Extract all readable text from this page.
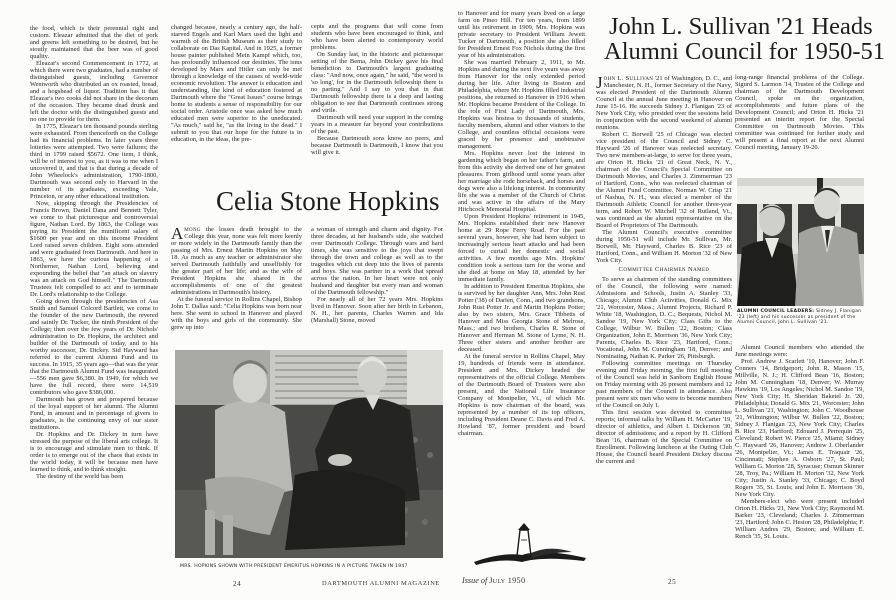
the food, which is their perennial right and custom. Eleazar admitted that the diet of pork and greens left something to be desired, but he stoutly maintained that the beer was of good quality.

Eleazar's second Commencement in 1772, at which there were two graduates, had a number of distinguished guests, including Governor Wentworth who distributed an ox roasted, bread, and a hogshead of liquor. Tradition has it that Eleazar's two cooks did not share in the decorum of the occasion. They became dead drunk and left the doctor with the distinguished guests and no one to provide for them.

In 1775, Eleazar's ten thousand pounds sterling were exhausted. From thenceforth on the College had its financial problems. In later years three lotteries were attempted. Two were failures; the third in 1799 raised $5672. One item, I think, will be of interest to you, as it was to me when I uncovered it, and that is that during a decade of John Wheelock's administration, 1790-1800, Dartmouth was second only to Harvard in the number of its graduates, exceeding Yale, Princeton, or any other educational institution.

Now, skipping through the Presidencies of Francis Brown, Daniel Dana and Bennett Tyler, we come to that picturesque and controversial figure, Nathan Lord. By 1863, the College was paying its President the munificent salary of $1600 per year and on this income President Lord raised seven children. Eight sons attended and were graduated from Dartmouth. And here in 1863, we have the curious happening of a Northerner, Nathan Lord, believing and expounding the belief that "an attack on slavery was an attack on God himself." The Dartmouth Trustees felt compelled to act and to terminate Dr. Lord's relationship to the College.

Going down through the presidencies of Asa Smith and Samuel Colcord Bartlett, we come to the founder of the new Dartmouth, the revered and saintly Dr. Tucker, the ninth President of the College; then over the few years of Dr. Nichols' administration to Dr. Hopkins, the architect and builder of the Dartmouth of today, and to his worthy successor, Dr. Dickey. Sid Hayward has referred to the current Alumni Fund and its success. In 1915, 35 years ago—that was the year that the Dartmouth Alumni Fund was inaugurated—556 men gave $6,380. In 1949, for which we have the full record, there were 14,519 contributors who gave $386,000.

Dartmouth has grown and prospered because of the loyal support of her alumni. The Alumni Fund, in amount and in percentage of givers to graduates, is the continuing envy of our sister institutions.

Dr. Hopkins and Dr. Dickey in turn have stressed the purpose of the liberal arts college. It is to encourage and stimulate men to think. If order is to emerge out of the chaos that exists in the world today, it will be because men have learned to think, and to think straight.

The destiny of the world has been

changed because, nearly a century ago, the half-starved Engels and Karl Marx used the light and warmth of the British Museum as their study to collaborate on Das Kapital. And in 1925, a former house painter published Mein Kampf which, too, has profoundly influenced our destinies. The isms developed by Marx and Hitler can only be met through a knowledge of the causes of world-wide economic revolution. The answer is education and understanding, the kind of education fostered at Dartmouth where the "Great Issues" course brings home to students a sense of responsibility for our social order. Aristotle once was asked how much educated men were superior to the uneducated. "As much," said he, "as the living to the dead." I submit to you that our hope for the future is in education, in the ideas, the pre-

cepts and the programs that will come from students who have been encouraged to think, and who have been alerted to contemporary world problems.

On Sunday last, in the historic and picturesque setting of the Bema, John Dickey gave his final benediction to Dartmouth's largest graduating class: "And now, once again," he said, "the word is 'so long', for in the Dartmouth fellowship there is no parting." And I say to you that in that Dartmouth fellowship there is a deep and lasting obligation to see that Dartmouth continues strong and virile.

Dartmouth will need your support in the coming years in a measure far beyond your contributions of the past.

Because Dartmouth sons know no peers, and because Dartmouth is Dartmouth, I know that you will give it.

Celia Stone Hopkins

Among the losses death brought to the College this year, none was felt more keenly or more widely in the Dartmouth family than the passing of Mrs. Ernest Martin Hopkins on May 18. As much as any teacher or administrator she served Dartmouth faithfully and unselfishly for the greater part of her life; and as the wife of President Hopkins she shared in the accomplishments of one of the greatest administrations in Dartmouth's history.

At the funeral service in Rollins Chapel, Bishop John T. Dallas said: "Celia Hopkins was born near here. She went to school in Hanover and played with the boys and girls of the community. She grew up into

a woman of strength and charm and dignity. For three decades, at her husband's side, she watched over Dartmouth College. Through wars and hard times, she was sensitive to the joys that swept through the town and college as well as to the tragedies which cut deep into the lives of parents and boys. She was partner in a work that spread across the nation. In her heart were not only husband and daughter but every man and woman of the Dartmouth fellowship."

For nearly all of her 72 years Mrs. Hopkins lived in Hanover. Soon after her birth in Lebanon, N. H., her parents, Charles Warren and Ida (Marshall) Stone, moved

MRS. HOPKINS SHOWN WITH PRESIDENT EMERITUS HOPKINS IN A PICTURE TAKEN IN 1947

to Hanover and for many years lived on a large farm on Pineo Hill. For ten years, from 1899 until his retirement in 1909, Mrs. Hopkins was private secretary to President William Jewett Tucker of Dartmouth, a position she also filled for President Ernest Fox Nichols during the first year of his administration.

She was married February 2, 1911, to Mr. Hopkins and during the next five years was away from Hanover for the only extended period during her life. After living in Boston and Philadelphia, where Mr. Hopkins filled industrial positions, she returned to Hanover in 1916 when Mr. Hopkins became President of the College. In the role of First Lady of Dartmouth, Mrs. Hopkins was hostess to thousands of students, faculty members, alumni and other visitors to the College, and countless official occasions were graced by her presence and unobtrusive management.

Mrs. Hopkins never lost the interest in gardening which began on her father's farm, and from this activity she derived one of her greatest pleasures. From girlhood until some years after her marriage she rode horseback, and horses and dogs were also a lifelong interest. In community life she was a member of the Church of Christ and was active in the affairs of the Mary Hitchcock Memorial Hospital.

Upon President Hopkins' retirement in 1945, Mrs. Hopkins established their new Hanover home at 29 Rope Ferry Road. For the past several years, however, she had been subject to increasingly serious heart attacks and had been forced to curtail her domestic and social activities. A few months ago Mrs. Hopkins' condition took a serious turn for the worse and she died at home on May 18, attended by her immediate family.

In addition to President Emeritus Hopkins, she is survived by her daughter Ann, Mrs. John Rust Potter ('38) of Darien, Conn., and two grandsons, John Rust Potter Jr. and Martin Hopkins Potter; also by two sisters, Mrs. Grace Tibbetts of Hanover and Miss Georgia Stone of Melrose, Mass.; and two brothers, Charles R. Stone of Hanover and Herman M. Stone of Lyme, N. H. Three other sisters and another brother are deceased.

At the funeral service in Rollins Chapel, May 19, hundreds of friends were in attendance. President and Mrs. Dickey headed the representatives of the official College. Members of the Dartmouth Board of Trustees were also present, and the National Life Insurance Company of Montpelier, Vt., of which Mr. Hopkins is now chairman of the board, was represented by a number of its top officers, including President Deane C. Davis and Fred A. Howland '87, former president and board chairman.

Issue of July 1950
24	DARTMOUTH ALUMNI MAGAZINE
John L. Sullivan '21 Heads
Alumni Council for 1950-51

John L. Sullivan '21 of Washington, D. C., and Manchester, N. H., former Secretary of the Navy, was elected President of the Dartmouth Alumni Council at the annual June meeting in Hanover on June 15-16. He succeeds Sidney J. Flanigan '23 of New York City, who presided over the sessions held in conjunction with the second weekend of alumni reunions.

Robert C. Borwell '25 of Chicago was elected vice president of the Council and Sidney C. Hayward '26 of Hanover was reelected secretary. Two new members-at-large, to serve for three years, are Orton H. Hicks '21 of Great Neck, N. Y., chairman of the Council's Special Committee on Dartmouth Movies, and Charles J. Zimmerman '23 of Hartford, Conn., who was reelected chairman of the Alumni Fund Committee. Norman W. Crisp '21 of Nashua, N. H., was elected a member of the Dartmouth Athletic Council for another three-year term, and Robert W. Mitchell '32 of Rutland, Vt., was continued as the alumni representative on the Board of Proprietors of The Dartmouth.

The Alumni Council's executive committee during 1950-51 will include Mr. Sullivan, Mr. Borwell, Mr. Hayward, Charles B. Rice '23 of Hartford, Conn., and William H. Morton '32 of New York City.

Committee Chairmen Named

To serve as chairmen of the standing committees of the Council, the following were named: Admissions and Schools, Justin A. Stanley '33, Chicago; Alumni Club Activities, Donald G. Mix '21, Worcester, Mass.; Alumni Projects, Richard P. White '18, Washington, D. C.; Bequests, Nichol M. Sandoe '19, New York City; Class Gifts to the College, Wilbur W. Bullen '22, Boston; Class Organization, John E. Morrison '36, New York City; Parents, Charles B. Rice '23, Hartford, Conn.; Vocational, John M. Cunningham '18, Denver; and Nominating, Nathan K. Parker '26, Pittsburgh.

Following committee meetings on Thursday evening and Friday morning, the first full meeting of the Council was held in Sanborn English House on Friday morning with 26 present members and 12 past members of the Council in attendance. Also present were six men who were to become members of the Council on July 1.

This first session was devoted to committee reports; informal talks by William H. McCarter '19, director of athletics, and Albert I. Dickerson '30, director of admissions; and a report by H. Clifford Bean '16, chairman of the Special Committee on Enrollment. Following luncheon at the Outing Club House, the Council heard President Dickey discuss the current and

25

long-range financial problems of the College. Sigurd S. Larmon '14, Trustee of the College and chairman of the Dartmouth Development Council, spoke on the organization, accomplishments and future plans of the Development Council; and Orton H. Hicks '21 presented an interim report for the Special Committee on Dartmouth Movies. This committee was continued for further study and will present a final report at the next Alumni Council meeting, January 19-20.

ALUMNI COUNCIL LEADERS: Sidney J. Flanigan '23 (left) and his successor as president of the Alumni Council, John L. Sullivan '21.

Alumni Council members who attended the June meetings were:

Prof. Andrew J. Scarlett '10, Hanover; John F. Conners '14, Bridgeport; John R. Mason '15, Millville, N. J.; H. Clifford Bean '16, Boston; John M. Cunningham '18, Denver; W. Murray Hawkins '19, Los Angeles; Nichol M. Sandoe '19, New York City; H. Sheridan Baketel Jr. '20, Philadelphia; Donald G. Mix '21, Worcester; John L. Sullivan '21, Washington; John C. Woodhouse '21, Wilmington; Wilbur W. Bullen '22, Boston; Sidney J. Flanigan '23, New York City; Charles B. Rice '23, Hartford; Edouard J. Perrequin '25, Cleveland; Robert W. Pierce '25, Miami; Sidney C. Hayward '26, Hanover; Andrew J. Oberlander '26, Montpelier, Vt.; James E. Traquair '26, Cincinnati; Stephen A. Osborn '27, St. Paul; William G. Morton '28, Syracuse; Osmun Skinner '28, Troy, Pa.; William H. Morton '32, New York City; Justin A. Stanley '33, Chicago; C. Boyd Rogers '35, St. Louis; and John E. Morrison '36, New York City.

Members-elect who were present included Orton H. Hicks '21, New York City; Raymond M. Barker '23, Cleveland; Charles J. Zimmerman '23, Hartford; John C. Heston '28, Philadelphia; F. William Andres '29, Boston; and William E. Rench '35, St. Louis.
